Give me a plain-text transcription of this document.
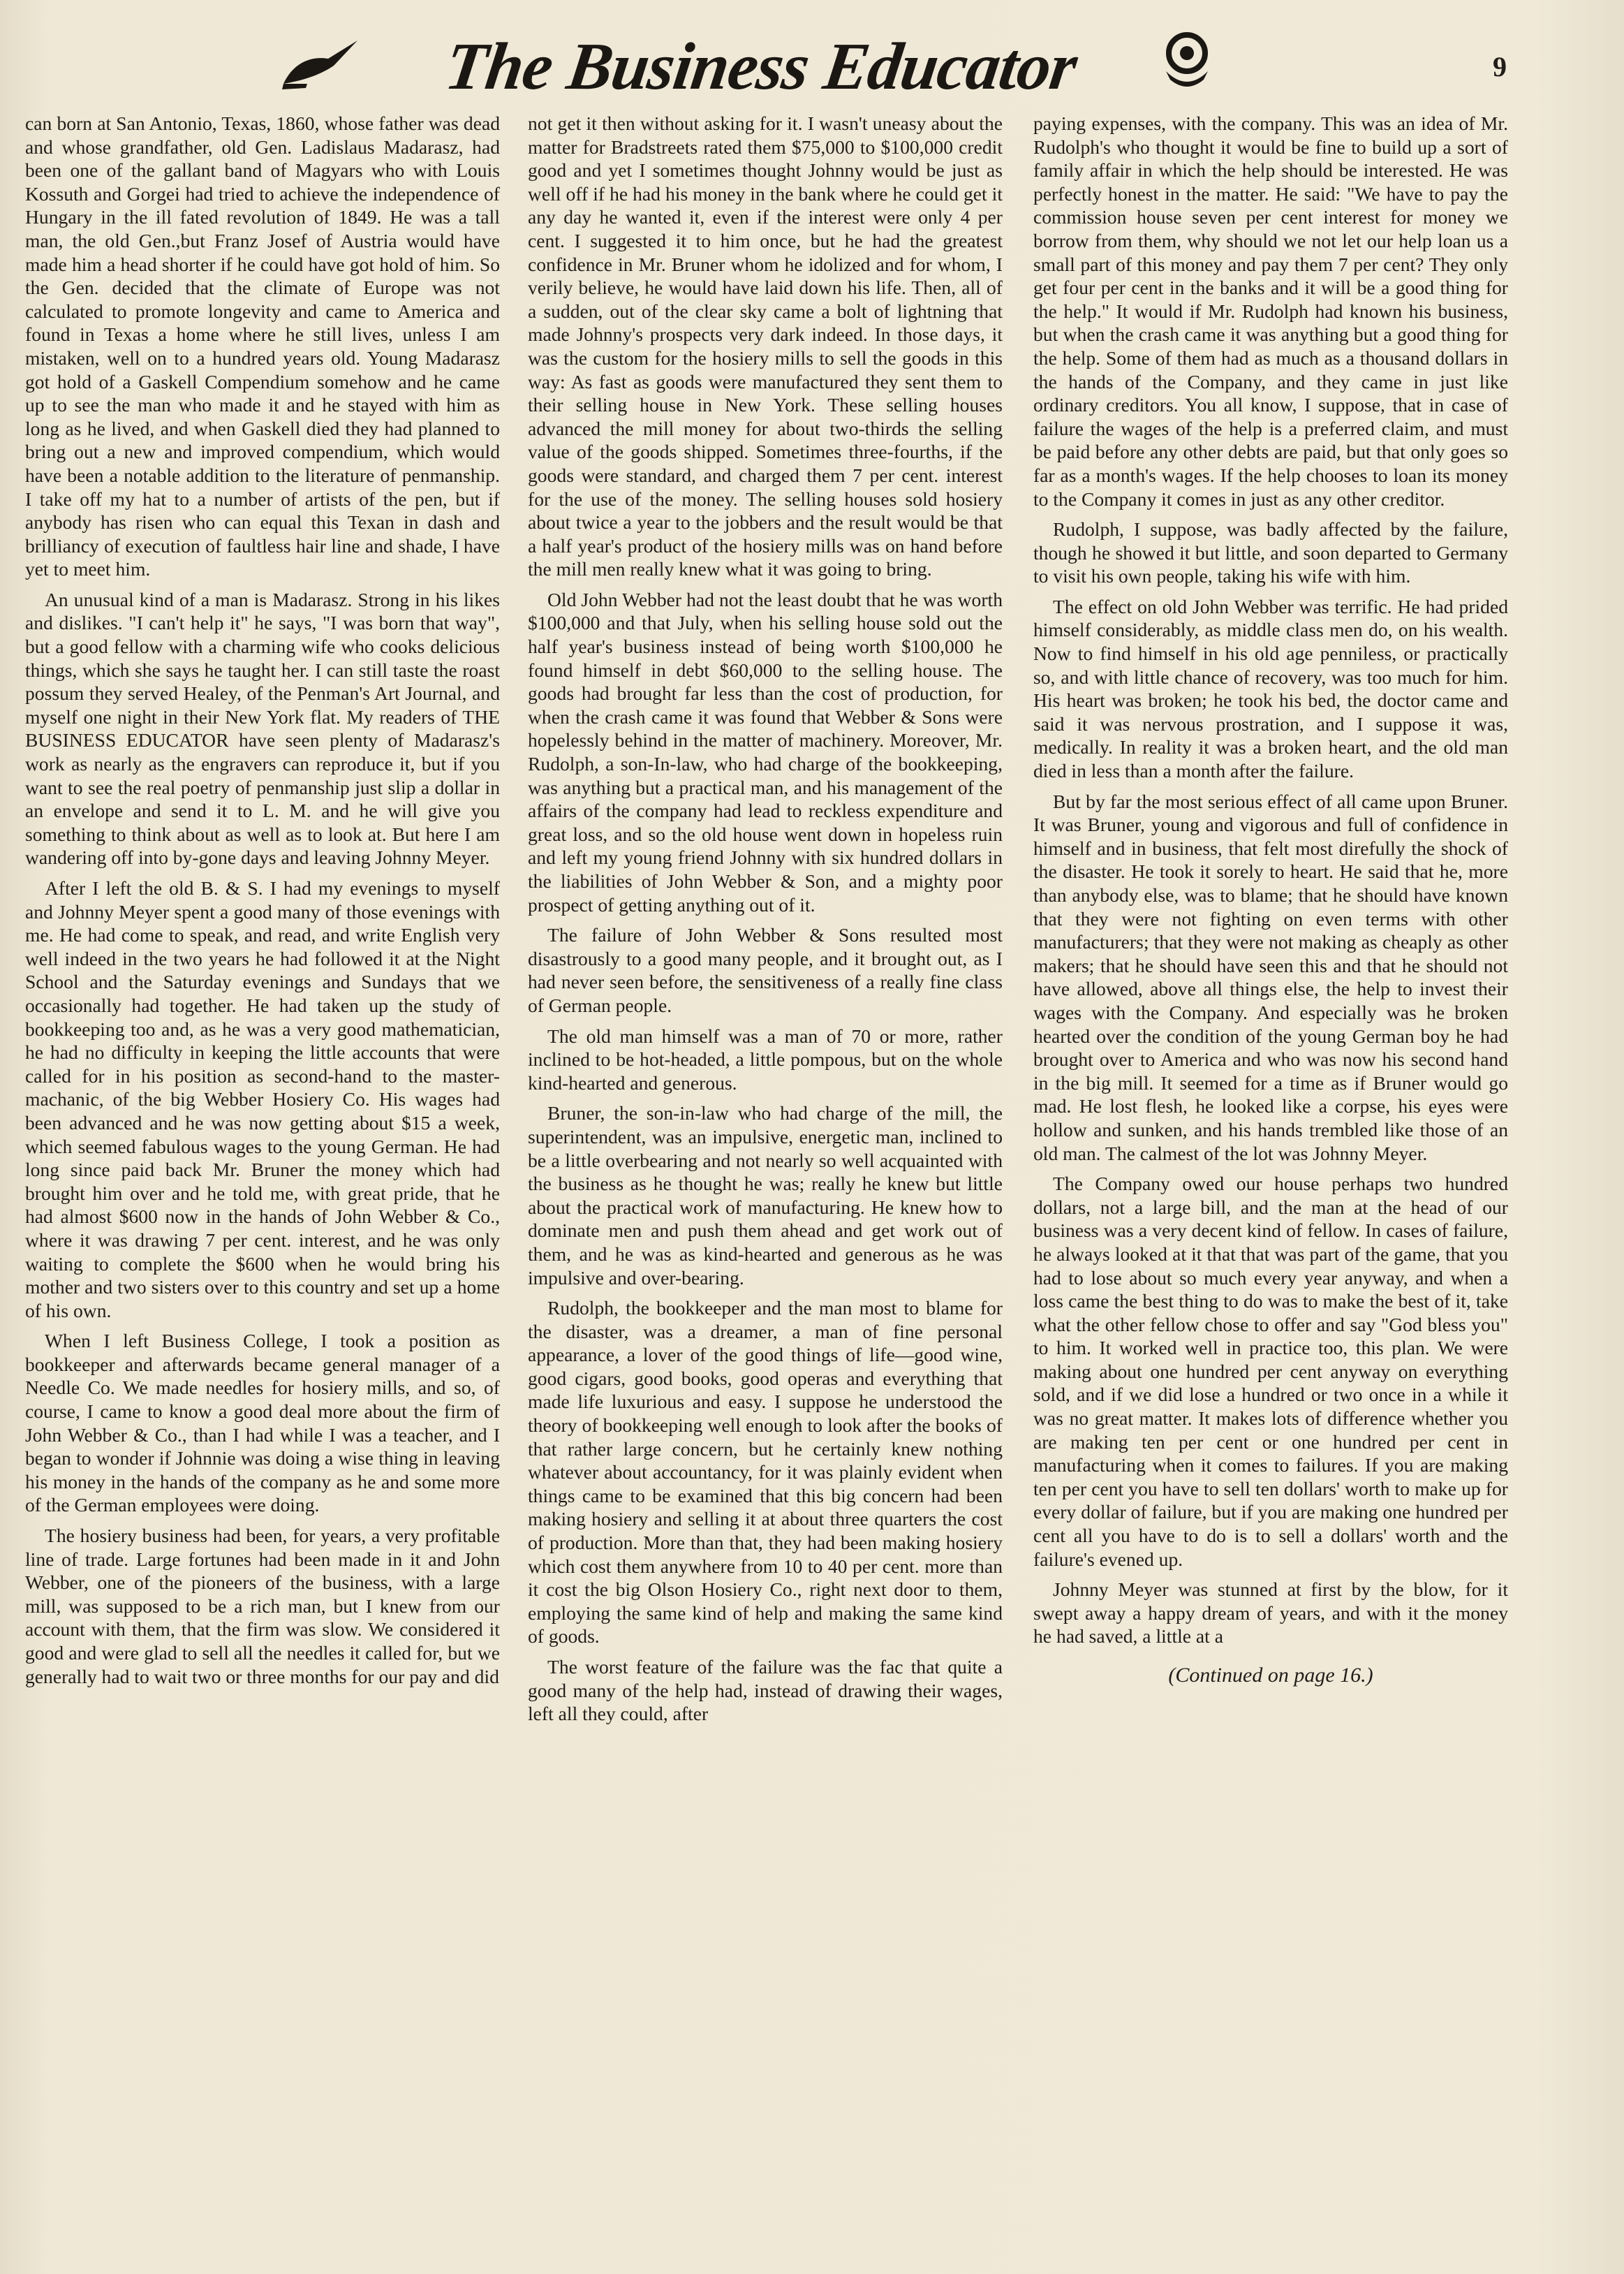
The Business Educator	9

can born at San Antonio, Texas, 1860, whose father was dead and whose grandfather, old Gen. Ladislaus Madarasz, had been one of the gallant band of Magyars who with Louis Kossuth and Gorgei had tried to achieve the independence of Hungary in the ill fated revolution of 1849. He was a tall man, the old Gen.,but Franz Josef of Austria would have made him a head shorter if he could have got hold of him. So the Gen. decided that the climate of Europe was not calculated to promote longevity and came to America and found in Texas a home where he still lives, unless I am mistaken, well on to a hundred years old. Young Madarasz got hold of a Gaskell Compendium somehow and he came up to see the man who made it and he stayed with him as long as he lived, and when Gaskell died they had planned to bring out a new and improved compendium, which would have been a notable addition to the literature of penmanship. I take off my hat to a number of artists of the pen, but if anybody has risen who can equal this Texan in dash and brilliancy of execution of faultless hair line and shade, I have yet to meet him.

An unusual kind of a man is Madarasz. Strong in his likes and dislikes. "I can't help it" he says, "I was born that way", but a good fellow with a charming wife who cooks delicious things, which she says he taught her. I can still taste the roast possum they served Healey, of the Penman's Art Journal, and myself one night in their New York flat. My readers of THE BUSINESS EDUCATOR have seen plenty of Madarasz's work as nearly as the engravers can reproduce it, but if you want to see the real poetry of penmanship just slip a dollar in an envelope and send it to L. M. and he will give you something to think about as well as to look at. But here I am wandering off into by-gone days and leaving Johnny Meyer.

After I left the old B. & S. I had my evenings to myself and Johnny Meyer spent a good many of those evenings with me. He had come to speak, and read, and write English very well indeed in the two years he had followed it at the Night School and the Saturday evenings and Sundays that we occasionally had together. He had taken up the study of bookkeeping too and, as he was a very good mathematician, he had no difficulty in keeping the little accounts that were called for in his position as second-hand to the master-machanic, of the big Webber Hosiery Co. His wages had been advanced and he was now getting about $15 a week, which seemed fabulous wages to the young German. He had long since paid back Mr. Bruner the money which had brought him over and he told me, with great pride, that he had almost $600 now in the hands of John Webber & Co., where it was drawing 7 per cent. interest, and he was only waiting to complete the $600 when he would bring his mother and two sisters over to this country and set up a home of his own.

When I left Business College, I took a position as bookkeeper and afterwards became general manager of a Needle Co. We made needles for hosiery mills, and so, of course, I came to know a good deal more about the firm of John Webber & Co., than I had while I was a teacher, and I began to wonder if Johnnie was doing a wise thing in leaving his money in the hands of the company as he and some more of the German employees were doing.

The hosiery business had been, for years, a very profitable line of trade. Large fortunes had been made in it and John Webber, one of the pioneers of the business, with a large mill, was supposed to be a rich man, but I knew from our account with them, that the firm was slow. We considered it good and were glad to sell all the needles it called for, but we generally had to wait two or three months for our pay and did

not get it then without asking for it. I wasn't uneasy about the matter for Bradstreets rated them $75,000 to $100,000 credit good and yet I sometimes thought Johnny would be just as well off if he had his money in the bank where he could get it any day he wanted it, even if the interest were only 4 per cent. I suggested it to him once, but he had the greatest confidence in Mr. Bruner whom he idolized and for whom, I verily believe, he would have laid down his life. Then, all of a sudden, out of the clear sky came a bolt of lightning that made Johnny's prospects very dark indeed. In those days, it was the custom for the hosiery mills to sell the goods in this way: As fast as goods were manufactured they sent them to their selling house in New York. These selling houses advanced the mill money for about two-thirds the selling value of the goods shipped. Sometimes three-fourths, if the goods were standard, and charged them 7 per cent. interest for the use of the money. The selling houses sold hosiery about twice a year to the jobbers and the result would be that a half year's product of the hosiery mills was on hand before the mill men really knew what it was going to bring.

Old John Webber had not the least doubt that he was worth $100,000 and that July, when his selling house sold out the half year's business instead of being worth $100,000 he found himself in debt $60,000 to the selling house. The goods had brought far less than the cost of production, for when the crash came it was found that Webber & Sons were hopelessly behind in the matter of machinery. Moreover, Mr. Rudolph, a son-In-law, who had charge of the bookkeeping, was anything but a practical man, and his management of the affairs of the company had lead to reckless expenditure and great loss, and so the old house went down in hopeless ruin and left my young friend Johnny with six hundred dollars in the liabilities of John Webber & Son, and a mighty poor prospect of getting anything out of it.

The failure of John Webber & Sons resulted most disastrously to a good many people, and it brought out, as I had never seen before, the sensitiveness of a really fine class of German people.

The old man himself was a man of 70 or more, rather inclined to be hot-headed, a little pompous, but on the whole kind-hearted and generous.

Bruner, the son-in-law who had charge of the mill, the superintendent, was an impulsive, energetic man, inclined to be a little overbearing and not nearly so well acquainted with the business as he thought he was; really he knew but little about the practical work of manufacturing. He knew how to dominate men and push them ahead and get work out of them, and he was as kind-hearted and generous as he was impulsive and over-bearing.

Rudolph, the bookkeeper and the man most to blame for the disaster, was a dreamer, a man of fine personal appearance, a lover of the good things of life—good wine, good cigars, good books, good operas and everything that made life luxurious and easy. I suppose he understood the theory of bookkeeping well enough to look after the books of that rather large concern, but he certainly knew nothing whatever about accountancy, for it was plainly evident when things came to be examined that this big concern had been making hosiery and selling it at about three quarters the cost of production. More than that, they had been making hosiery which cost them anywhere from 10 to 40 per cent. more than it cost the big Olson Hosiery Co., right next door to them, employing the same kind of help and making the same kind of goods.

The worst feature of the failure was the fac that quite a good many of the help had, instead of drawing their wages, left all they could, after

paying expenses, with the company. This was an idea of Mr. Rudolph's who thought it would be fine to build up a sort of family affair in which the help should be interested. He was perfectly honest in the matter. He said: "We have to pay the commission house seven per cent interest for money we borrow from them, why should we not let our help loan us a small part of this money and pay them 7 per cent? They only get four per cent in the banks and it will be a good thing for the help." It would if Mr. Rudolph had known his business, but when the crash came it was anything but a good thing for the help. Some of them had as much as a thousand dollars in the hands of the Company, and they came in just like ordinary creditors. You all know, I suppose, that in case of failure the wages of the help is a preferred claim, and must be paid before any other debts are paid, but that only goes so far as a month's wages. If the help chooses to loan its money to the Company it comes in just as any other creditor.

Rudolph, I suppose, was badly affected by the failure, though he showed it but little, and soon departed to Germany to visit his own people, taking his wife with him.

The effect on old John Webber was terrific. He had prided himself considerably, as middle class men do, on his wealth. Now to find himself in his old age penniless, or practically so, and with little chance of recovery, was too much for him. His heart was broken; he took his bed, the doctor came and said it was nervous prostration, and I suppose it was, medically. In reality it was a broken heart, and the old man died in less than a month after the failure.

But by far the most serious effect of all came upon Bruner. It was Bruner, young and vigorous and full of confidence in himself and in business, that felt most direfully the shock of the disaster. He took it sorely to heart. He said that he, more than anybody else, was to blame; that he should have known that they were not fighting on even terms with other manufacturers; that they were not making as cheaply as other makers; that he should have seen this and that he should not have allowed, above all things else, the help to invest their wages with the Company. And especially was he broken hearted over the condition of the young German boy he had brought over to America and who was now his second hand in the big mill. It seemed for a time as if Bruner would go mad. He lost flesh, he looked like a corpse, his eyes were hollow and sunken, and his hands trembled like those of an old man. The calmest of the lot was Johnny Meyer.

The Company owed our house perhaps two hundred dollars, not a large bill, and the man at the head of our business was a very decent kind of fellow. In cases of failure, he always looked at it that that was part of the game, that you had to lose about so much every year anyway, and when a loss came the best thing to do was to make the best of it, take what the other fellow chose to offer and say "God bless you" to him. It worked well in practice too, this plan. We were making about one hundred per cent anyway on everything sold, and if we did lose a hundred or two once in a while it was no great matter. It makes lots of difference whether you are making ten per cent or one hundred per cent in manufacturing when it comes to failures. If you are making ten per cent you have to sell ten dollars' worth to make up for every dollar of failure, but if you are making one hundred per cent all you have to do is to sell a dollars' worth and the failure's evened up.

Johnny Meyer was stunned at first by the blow, for it swept away a happy dream of years, and with it the money he had saved, a little at a

(Continued on page 16.)
